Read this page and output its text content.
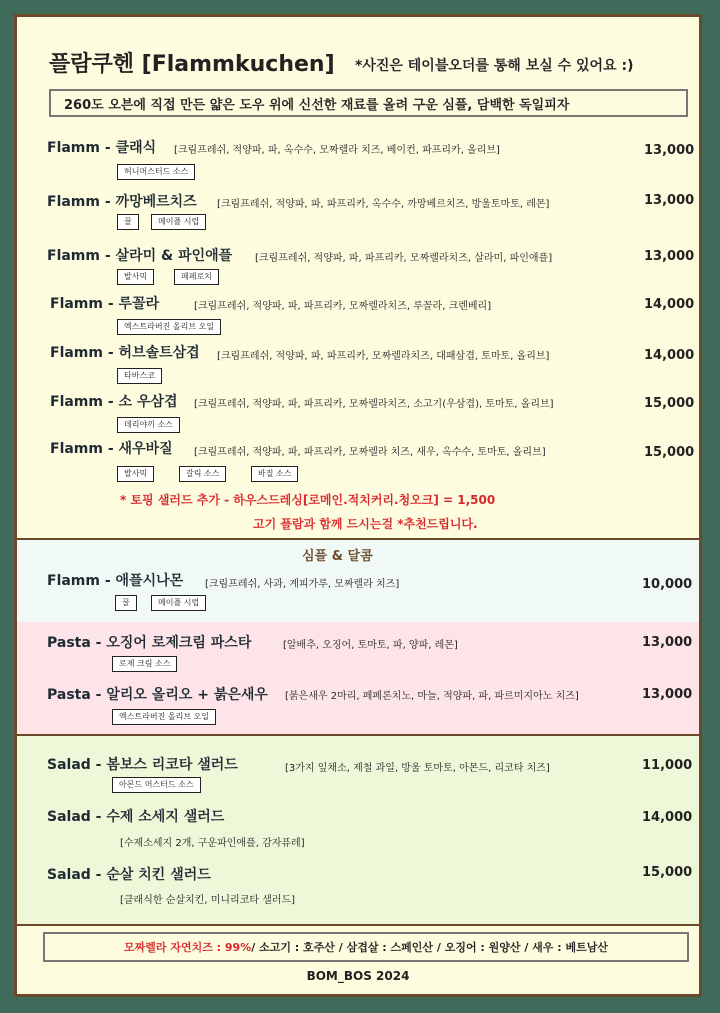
플람쿠헨 [Flammkuchen] *사진은 테이블오더를 통해 보실 수 있어요 :)
260도 오븐에 직접 만든 얇은 도우 위에 신선한 재료를 올려 구운 심플, 담백한 독일피자
Flamm - 클래식 [크림프레쉬, 적양파, 파, 옥수수, 모짜렐라 치즈, 베이컨, 파프리카, 올리브]	13,000
허니머스터드 소스
Flamm - 까망베르치즈 [크림프레쉬, 적양파, 파, 파프리카, 옥수수, 까망베르치즈, 방울토마토, 레몬]	13,000
꿀	메이플 시럽
Flamm - 살라미 & 파인애플 [크림프레쉬, 적양파, 파, 파프리카, 모짜렐라치즈, 살라미, 파인애플]	13,000
발사믹	페페로치
Flamm - 루꼴라	[크림프레쉬, 적양파, 파, 파프리카, 모짜렐라치즈, 루꼴라, 크렌베리]	14,000
엑스트라버진 올리브 오일
Flamm - 허브솔트삼겹 [크림프레쉬, 적양파, 파, 파프리카, 모짜렐라치즈, 대패삼겹, 토마토, 올리브]	14,000
타바스코
Flamm - 소 우삼겹 [크림프레쉬, 적양파, 파, 파프리카, 모짜렐라치즈, 소고기(우삼겹), 토마토, 올리브]	15,000
데리야끼 소스
Flamm - 새우바질 [크림프레쉬, 적양파, 파, 파프리카, 모짜렐라 치즈, 새우, 옥수수, 토마토, 올리브]	15,000
발사믹	갈릭 소스	바질 소스
* 토핑 샐러드 추가 - 하우스드레싱[로메인.적치커리.청오크] = 1,500
고기 플람과 함께 드시는걸 *추천드립니다.
심플 & 달콤
Flamm - 애플시나몬 [크림프레쉬, 사과, 계피가루, 모짜렐라 치즈]	10,000
꿀	메이플 시럽
Pasta - 오징어 로제크림 파스타	[알배추, 오징어, 토마토, 파, 양파, 레몬]	13,000
로제 크림 소스
Pasta - 알리오 올리오 + 붉은새우 [붉은새우 2마리, 페페론치노, 마늘, 적양파, 파, 파르미지아노 치즈]	13,000
엑스트라버진 올리브 오일
Salad - 봄보스 리코타 샐러드	[3가지 잎채소, 제철 과일, 방울 토마토, 아몬드, 리코타 치즈]	11,000
아몬드 머스터드 소스
Salad - 수제 소세지 샐러드	14,000
[수제소세지 2개, 구운파인애플, 감자퓨레]
Salad - 순살 치킨 샐러드	15,000
[클래식한 순살치킨, 미니리코타 샐러드]
모짜렐라 자연치즈 : 99% / 소고기 : 호주산 / 삼겹살 : 스페인산 / 오징어 : 원양산 / 새우 : 베트남산
BOM_BOS 2024
